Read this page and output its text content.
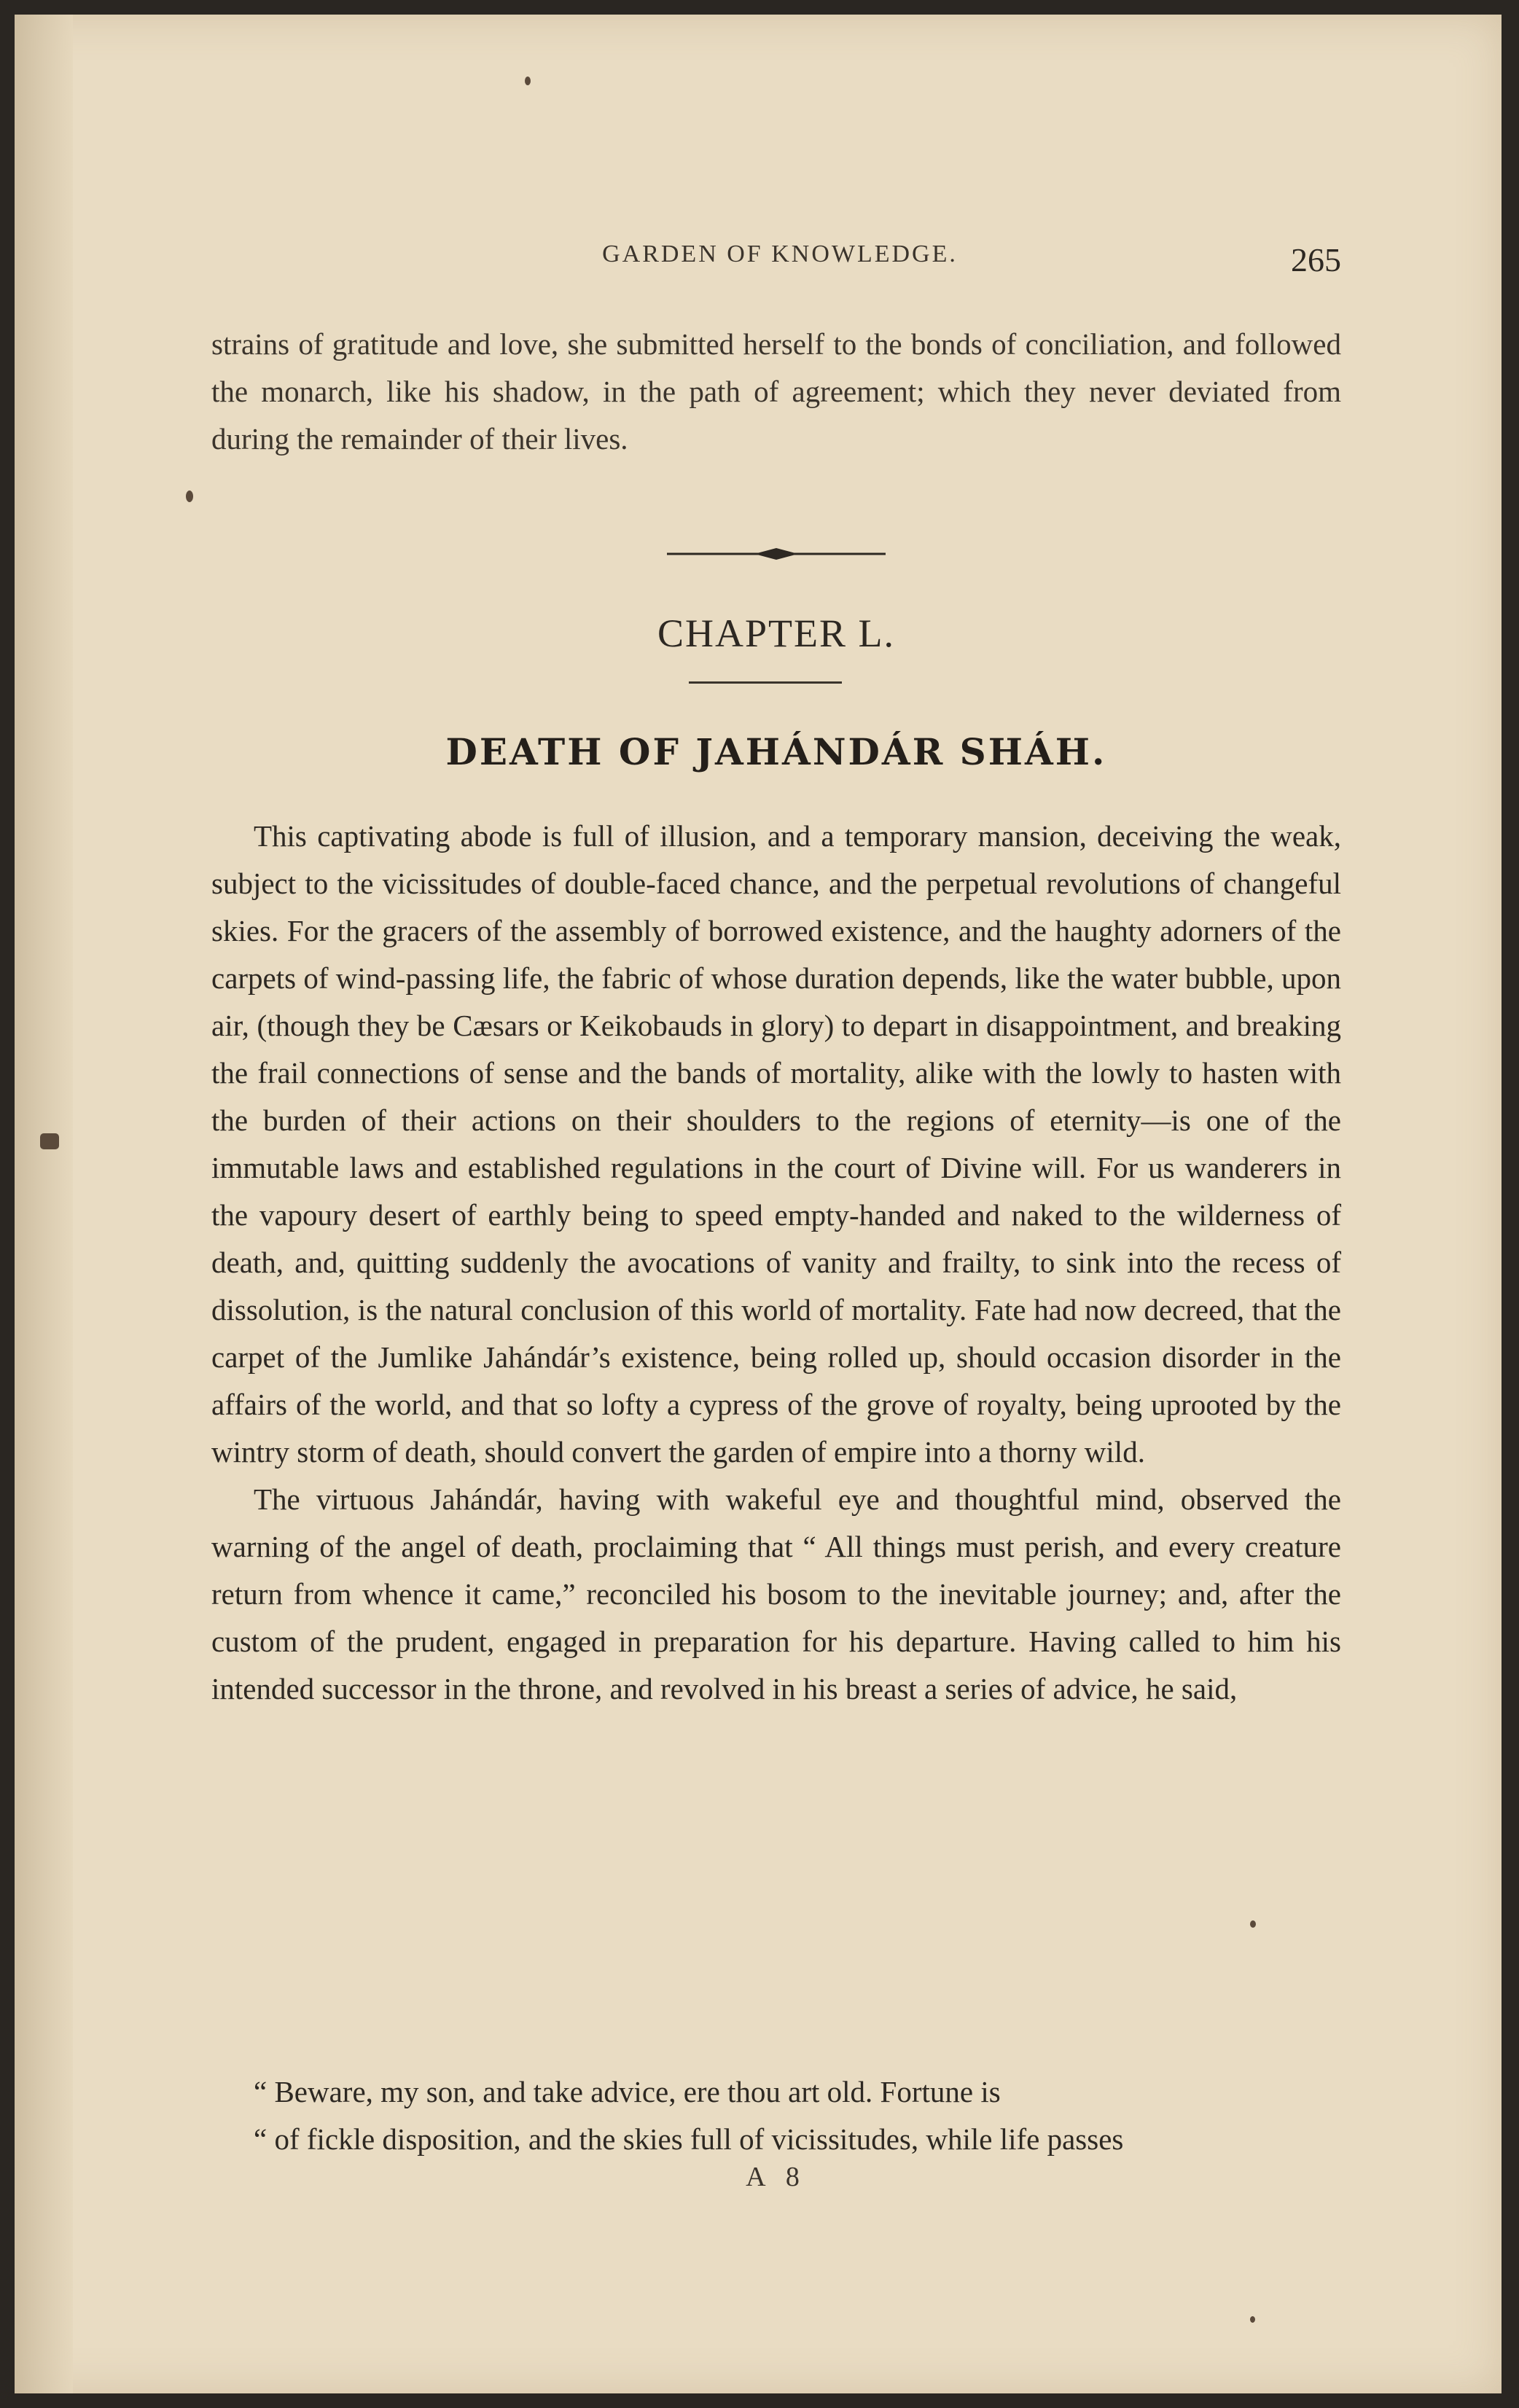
GARDEN OF KNOWLEDGE.	265

strains of gratitude and love, she submitted herself to the bonds of conciliation, and followed the monarch, like his shadow, in the path of agreement; which they never deviated from during the remainder of their lives.

CHAPTER L.
DEATH OF JAHÁNDÁR SHÁH.

This captivating abode is full of illusion, and a temporary mansion, deceiving the weak, subject to the vicissitudes of double-faced chance, and the perpetual revolutions of changeful skies. For the gracers of the assembly of borrowed existence, and the haughty adorners of the carpets of wind-passing life, the fabric of whose duration depends, like the water bubble, upon air, (though they be Cæsars or Keikobauds in glory) to depart in disappointment, and breaking the frail connections of sense and the bands of mortality, alike with the lowly to hasten with the burden of their actions on their shoulders to the regions of eternity—is one of the immutable laws and established regulations in the court of Divine will. For us wanderers in the vapoury desert of earthly being to speed empty-handed and naked to the wilderness of death, and, quitting suddenly the avocations of vanity and frailty, to sink into the recess of dissolution, is the natural conclusion of this world of mortality. Fate had now decreed, that the carpet of the Jumlike Jahándár’s existence, being rolled up, should occasion disorder in the affairs of the world, and that so lofty a cypress of the grove of royalty, being uprooted by the wintry storm of death, should convert the garden of empire into a thorny wild.

The virtuous Jahándár, having with wakeful eye and thoughtful mind, observed the warning of the angel of death, proclaiming that “ All things must perish, and every creature return from whence it came,” reconciled his bosom to the inevitable journey; and, after the custom of the prudent, engaged in preparation for his departure. Having called to him his intended successor in the throne, and revolved in his breast a series of advice, he said,

“ Beware, my son, and take advice, ere thou art old. Fortune is

“ of fickle disposition, and the skies full of vicissitudes, while life passes

A 8
